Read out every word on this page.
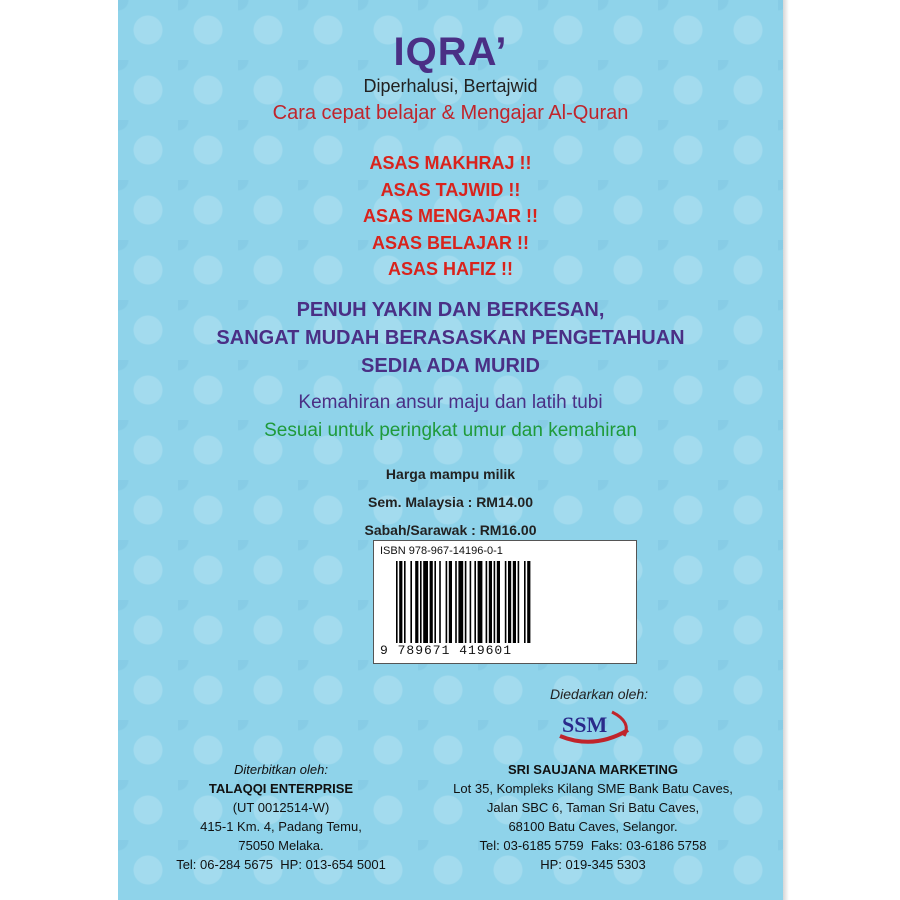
IQRA’
Diperhalusi, Bertajwid
Cara cepat belajar & Mengajar Al-Quran
ASAS MAKHRAJ !!
ASAS TAJWID !!
ASAS MENGAJAR !!
ASAS BELAJAR !!
ASAS HAFIZ !!
PENUH YAKIN DAN BERKESAN,
SANGAT MUDAH BERASASKAN PENGETAHUAN
SEDIA ADA MURID
Kemahiran ansur maju dan latih tubi
Sesuai untuk peringkat umur dan kemahiran
Harga mampu milik
Sem. Malaysia : RM14.00
Sabah/Sarawak : RM16.00
ISBN 978-967-14196-0-1
9 789671 419601
Diedarkan oleh:
SSM
Diterbitkan oleh:
TALAQQI ENTERPRISE
(UT 0012514-W)
415-1 Km. 4, Padang Temu,
75050 Melaka.
Tel: 06-284 5675 HP: 013-654 5001
SRI SAUJANA MARKETING
Lot 35, Kompleks Kilang SME Bank Batu Caves,
Jalan SBC 6, Taman Sri Batu Caves,
68100 Batu Caves, Selangor.
Tel: 03-6185 5759 Faks: 03-6186 5758
HP: 019-345 5303
